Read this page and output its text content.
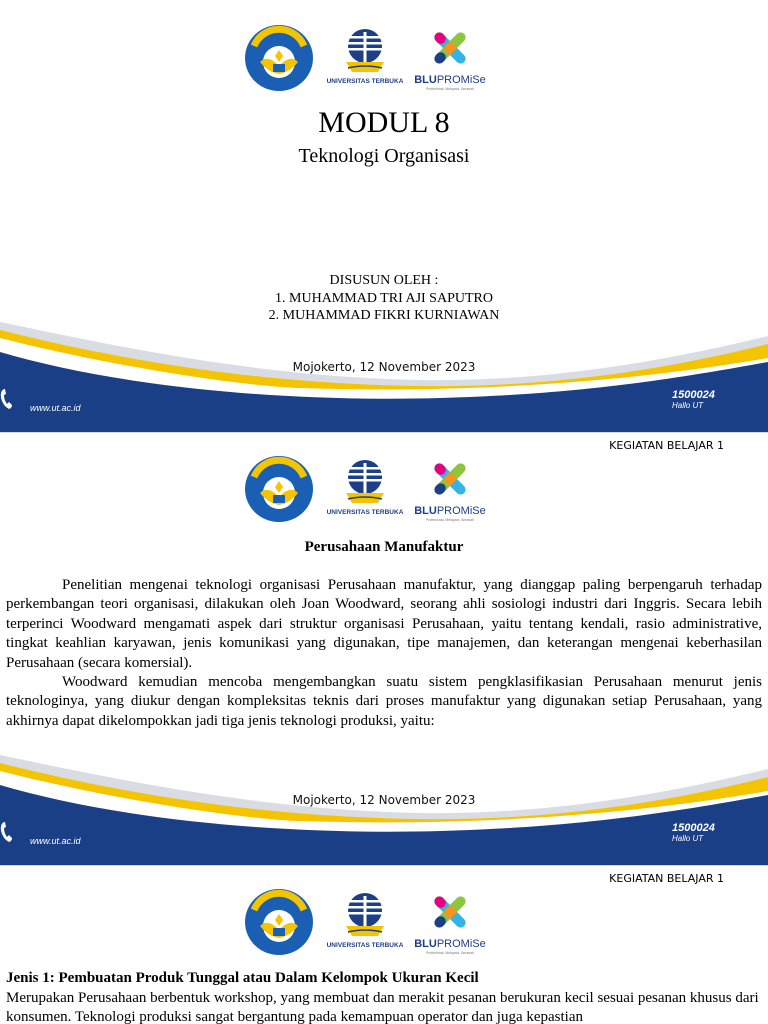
UNIVERSITAS TERBUKA BLUPROMiSe
Profesional, Melayani, Amanah
MODUL 8
Teknologi Organisasi
DISUSUN OLEH :
1. MUHAMMAD TRI AJI SAPUTRO
2. MUHAMMAD FIKRI KURNIAWAN
Mojokerto, 12 November 2023
www.ut.ac.id
1500024
Hallo UT
KEGIATAN BELAJAR 1
UNIVERSITAS TERBUKA BLUPROMiSe
Profesional, Melayani, Amanah
Perusahaan Manufaktur

Penelitian mengenai teknologi organisasi Perusahaan manufaktur, yang dianggap paling berpengaruh terhadap perkembangan teori organisasi, dilakukan oleh Joan Woodward, seorang ahli sosiologi industri dari Inggris. Secara lebih terperinci Woodward mengamati aspek dari struktur organisasi Perusahaan, yaitu tentang kendali, rasio administrative, tingkat keahlian karyawan, jenis komunikasi yang digunakan, tipe manajemen, dan keterangan mengenai keberhasilan Perusahaan (secara komersial).

Woodward kemudian mencoba mengembangkan suatu sistem pengklasifikasian Perusahaan menurut jenis teknologinya, yang diukur dengan kompleksitas teknis dari proses manufaktur yang digunakan setiap Perusahaan, yang akhirnya dapat dikelompokkan jadi tiga jenis teknologi produksi, yaitu:

Mojokerto, 12 November 2023
www.ut.ac.id
1500024
Hallo UT
KEGIATAN BELAJAR 1
UNIVERSITAS TERBUKA BLUPROMiSe
Profesional, Melayani, Amanah
Jenis 1: Pembuatan Produk Tunggal atau Dalam Kelompok Ukuran Kecil

Merupakan Perusahaan berbentuk workshop, yang membuat dan merakit pesanan berukuran kecil sesuai pesanan khusus dari konsumen. Teknologi produksi sangat bergantung pada kemampuan operator dan juga kepastian
